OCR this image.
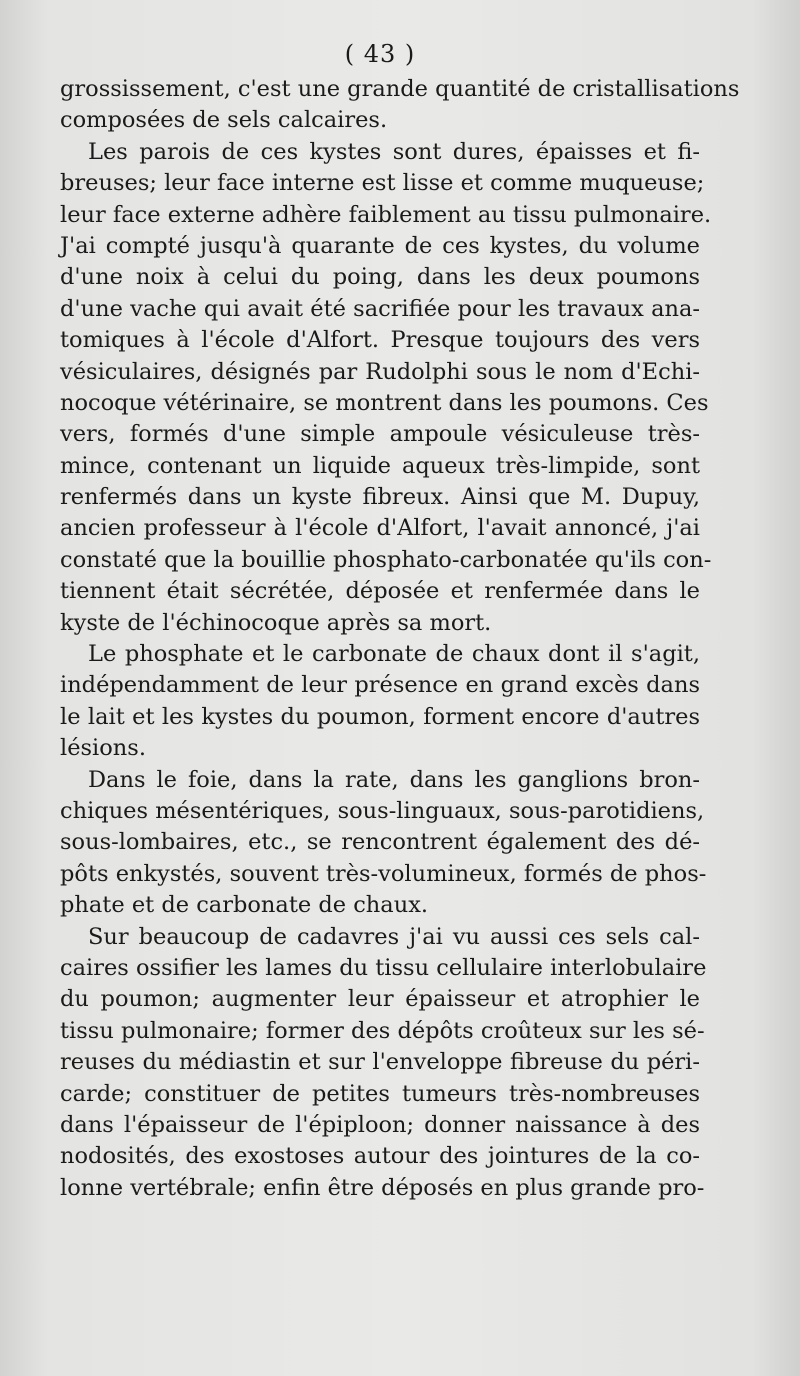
( 43 )
grossissement, c'est une grande quantité de cristallisations
composées de sels calcaires.
Les parois de ces kystes sont dures, épaisses et fi-
breuses; leur face interne est lisse et comme muqueuse;
leur face externe adhère faiblement au tissu pulmonaire.
J'ai compté jusqu'à quarante de ces kystes, du volume
d'une noix à celui du poing, dans les deux poumons
d'une vache qui avait été sacrifiée pour les travaux ana-
tomiques à l'école d'Alfort. Presque toujours des vers
vésiculaires, désignés par Rudolphi sous le nom d'Echi-
nocoque vétérinaire, se montrent dans les poumons. Ces
vers, formés d'une simple ampoule vésiculeuse très-
mince, contenant un liquide aqueux très-limpide, sont
renfermés dans un kyste fibreux. Ainsi que M. Dupuy,
ancien professeur à l'école d'Alfort, l'avait annoncé, j'ai
constaté que la bouillie phosphato-carbonatée qu'ils con-
tiennent était sécrétée, déposée et renfermée dans le
kyste de l'échinocoque après sa mort.
Le phosphate et le carbonate de chaux dont il s'agit,
indépendamment de leur présence en grand excès dans
le lait et les kystes du poumon, forment encore d'autres
lésions.
Dans le foie, dans la rate, dans les ganglions bron-
chiques mésentériques, sous-linguaux, sous-parotidiens,
sous-lombaires, etc., se rencontrent également des dé-
pôts enkystés, souvent très-volumineux, formés de phos-
phate et de carbonate de chaux.
Sur beaucoup de cadavres j'ai vu aussi ces sels cal-
caires ossifier les lames du tissu cellulaire interlobulaire
du poumon; augmenter leur épaisseur et atrophier le
tissu pulmonaire; former des dépôts croûteux sur les sé-
reuses du médiastin et sur l'enveloppe fibreuse du péri-
carde; constituer de petites tumeurs très-nombreuses
dans l'épaisseur de l'épiploon; donner naissance à des
nodosités, des exostoses autour des jointures de la co-
lonne vertébrale; enfin être déposés en plus grande pro-
